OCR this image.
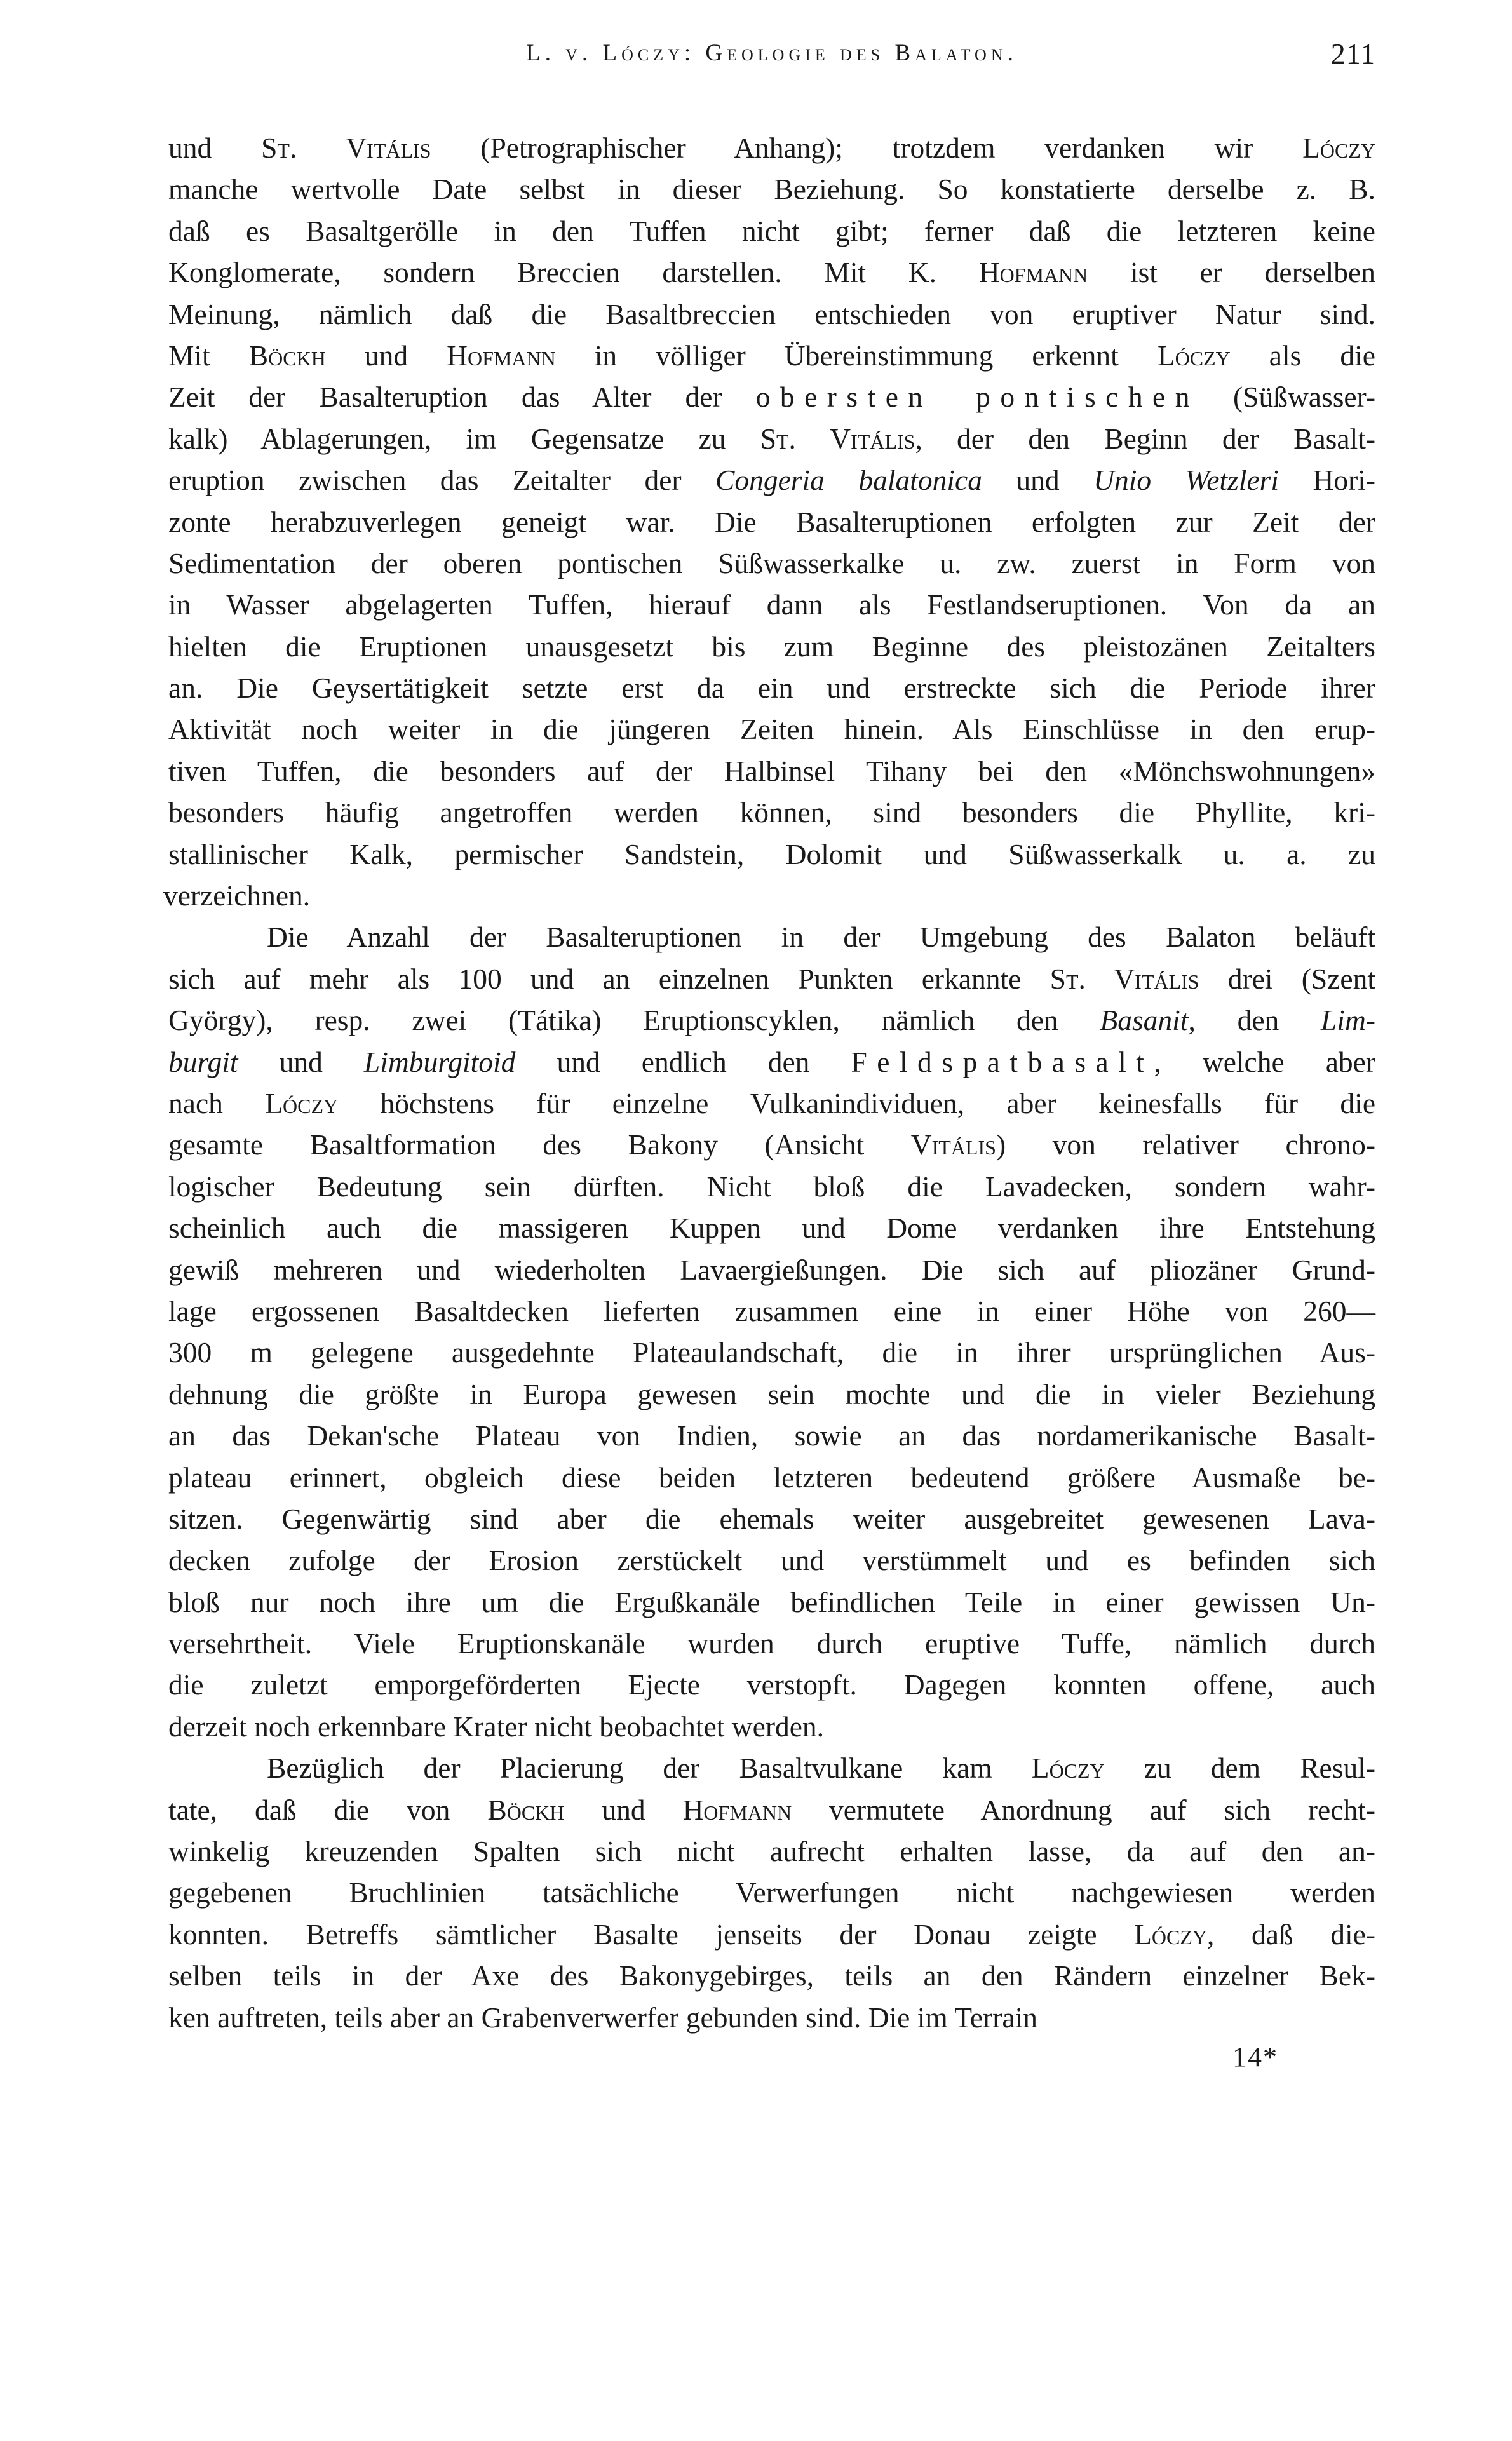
L. v. Lóczy: Geologie des Balaton.	211
und St. Vitális (Petrographischer Anhang); trotzdem verdanken wir Lóczy
manche wertvolle Date selbst in dieser Beziehung. So konstatierte derselbe z. B.
daß es Basaltgerölle in den Tuffen nicht gibt; ferner daß die letzteren keine
Konglomerate, sondern Breccien darstellen. Mit K. Hofmann ist er derselben
Meinung, nämlich daß die Basaltbreccien entschieden von eruptiver Natur sind.
Mit Böckh und Hofmann in völliger Übereinstimmung erkennt Lóczy als die
Zeit der Basalteruption das Alter der obersten pontischen (Süßwasser-
kalk) Ablagerungen, im Gegensatze zu St. Vitális, der den Beginn der Basalt-
eruption zwischen das Zeitalter der Congeria balatonica und Unio Wetzleri Hori-
zonte herabzuverlegen geneigt war. Die Basalteruptionen erfolgten zur Zeit der
Sedimentation der oberen pontischen Süßwasserkalke u. zw. zuerst in Form von
in Wasser abgelagerten Tuffen, hierauf dann als Festlandseruptionen. Von da an
hielten die Eruptionen unausgesetzt bis zum Beginne des pleistozänen Zeitalters
an. Die Geysertätigkeit setzte erst da ein und erstreckte sich die Periode ihrer
Aktivität noch weiter in die jüngeren Zeiten hinein. Als Einschlüsse in den erup-
tiven Tuffen, die besonders auf der Halbinsel Tihany bei den «Mönchswohnungen»
besonders häufig angetroffen werden können, sind besonders die Phyllite, kri-
stallinischer Kalk, permischer Sandstein, Dolomit und Süßwasserkalk u. a. zu
verzeichnen.
Die Anzahl der Basalteruptionen in der Umgebung des Balaton beläuft
sich auf mehr als 100 und an einzelnen Punkten erkannte St. Vitális drei (Szent
György), resp. zwei (Tátika) Eruptionscyklen, nämlich den Basanit, den Lim-
burgit und Limburgitoid und endlich den Feldspatbasalt, welche aber
nach Lóczy höchstens für einzelne Vulkanindividuen, aber keinesfalls für die
gesamte Basaltformation des Bakony (Ansicht Vitális) von relativer chrono-
logischer Bedeutung sein dürften. Nicht bloß die Lavadecken, sondern wahr-
scheinlich auch die massigeren Kuppen und Dome verdanken ihre Entstehung
gewiß mehreren und wiederholten Lavaergießungen. Die sich auf pliozäner Grund-
lage ergossenen Basaltdecken lieferten zusammen eine in einer Höhe von 260—
300 m gelegene ausgedehnte Plateaulandschaft, die in ihrer ursprünglichen Aus-
dehnung die größte in Europa gewesen sein mochte und die in vieler Beziehung
an das Dekan'sche Plateau von Indien, sowie an das nordamerikanische Basalt-
plateau erinnert, obgleich diese beiden letzteren bedeutend größere Ausmaße be-
sitzen. Gegenwärtig sind aber die ehemals weiter ausgebreitet gewesenen Lava-
decken zufolge der Erosion zerstückelt und verstümmelt und es befinden sich
bloß nur noch ihre um die Ergußkanäle befindlichen Teile in einer gewissen Un-
versehrtheit. Viele Eruptionskanäle wurden durch eruptive Tuffe, nämlich durch
die zuletzt emporgeförderten Ejecte verstopft. Dagegen konnten offene, auch
derzeit noch erkennbare Krater nicht beobachtet werden.
Bezüglich der Placierung der Basaltvulkane kam Lóczy zu dem Resul-
tate, daß die von Böckh und Hofmann vermutete Anordnung auf sich recht-
winkelig kreuzenden Spalten sich nicht aufrecht erhalten lasse, da auf den an-
gegebenen Bruchlinien tatsächliche Verwerfungen nicht nachgewiesen werden
konnten. Betreffs sämtlicher Basalte jenseits der Donau zeigte Lóczy, daß die-
selben teils in der Axe des Bakonygebirges, teils an den Rändern einzelner Bek-
ken auftreten, teils aber an Grabenverwerfer gebunden sind. Die im Terrain
14*
